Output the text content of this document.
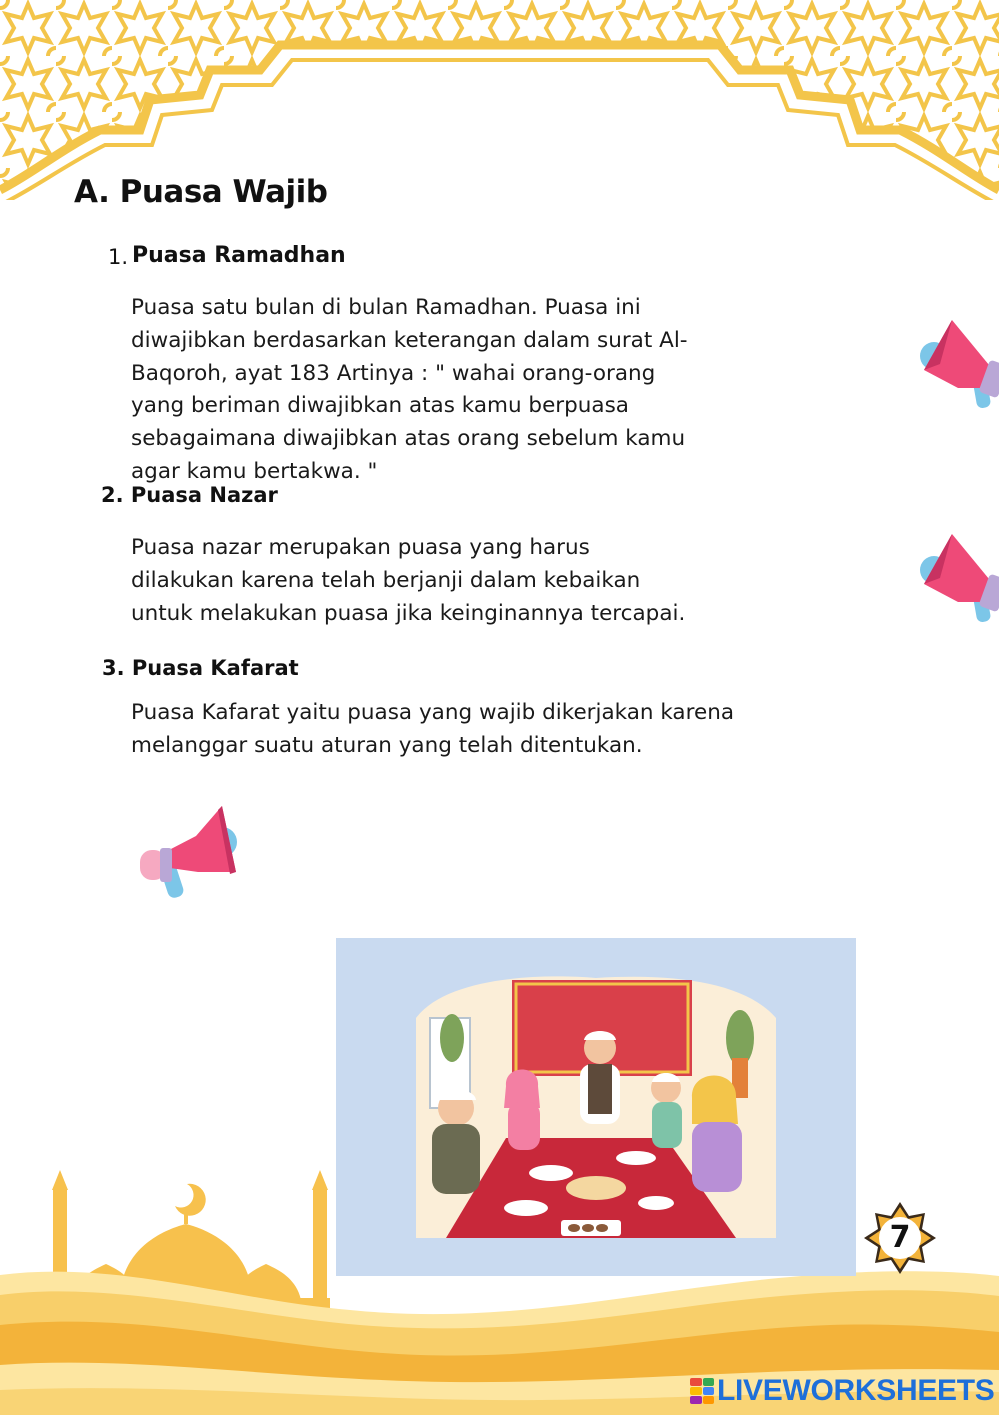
A. Puasa Wajib
1. Puasa Ramadhan
Puasa satu bulan di bulan Ramadhan. Puasa ini
diwajibkan berdasarkan keterangan dalam surat Al-
Baqoroh, ayat 183 Artinya : " wahai orang-orang
yang beriman diwajibkan atas kamu berpuasa
sebagaimana diwajibkan atas orang sebelum kamu
agar kamu bertakwa. "
2. Puasa Nazar
Puasa nazar merupakan puasa yang harus
dilakukan karena telah berjanji dalam kebaikan
untuk melakukan puasa jika keinginannya tercapai.
3. Puasa Kafarat
Puasa Kafarat yaitu puasa yang wajib dikerjakan karena
melanggar suatu aturan yang telah ditentukan.
7
LIVEWORKSHEETS
